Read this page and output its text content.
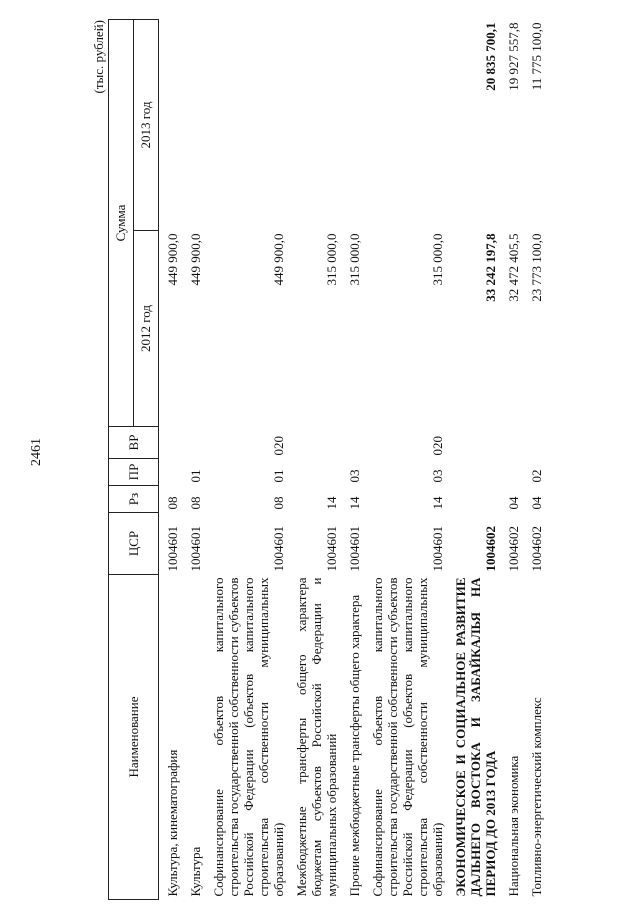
2461
(тыс. рублей)
Наименование	ЦСР	Рз	ПР	ВР	Сумма	
					2012 год	2013 год

Культура, кинематография	1004601	08			449 900,0	

Культура	1004601	08	01		449 900,0	

Софинансирование объектов капитального строительства государственной собственности субъектов Российской Федерации (объектов капитального строительства собственности муниципальных образований)	1004601	08	01	020	449 900,0	

Межбюджетные трансферты общего характера бюджетам субъектов Российской Федерации и муниципальных образований	1004601	14			315 000,0	

Прочие межбюджетные трансферты общего характера	1004601	14	03		315 000,0	

Софинансирование объектов капитального строительства государственной собственности субъектов Российской Федерации (объектов капитального строительства собственности муниципальных образований)	1004601	14	03	020	315 000,0	

ЭКОНОМИЧЕСКОЕ И СОЦИАЛЬНОЕ РАЗВИТИЕ ДАЛЬНЕГО ВОСТОКА И ЗАБАЙКАЛЬЯ НА ПЕРИОД ДО 2013 ГОДА	1004602				33 242 197,8	20 835 700,1

Национальная экономика	1004602	04			32 472 405,5	19 927 557,8

Топливно-энергетический комплекс	1004602	04	02		23 773 100,0	11 775 100,0
